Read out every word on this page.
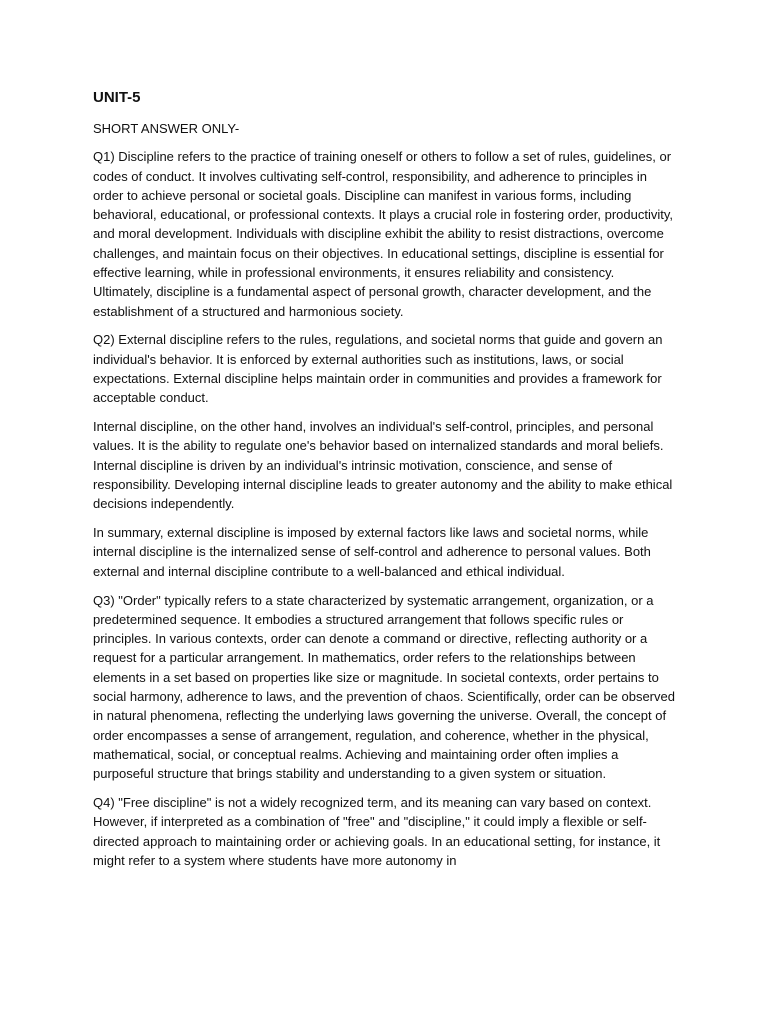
UNIT-5
SHORT ANSWER ONLY-

Q1) Discipline refers to the practice of training oneself or others to follow a set of rules, guidelines, or codes of conduct. It involves cultivating self-control, responsibility, and adherence to principles in order to achieve personal or societal goals. Discipline can manifest in various forms, including behavioral, educational, or professional contexts. It plays a crucial role in fostering order, productivity, and moral development. Individuals with discipline exhibit the ability to resist distractions, overcome challenges, and maintain focus on their objectives. In educational settings, discipline is essential for effective learning, while in professional environments, it ensures reliability and consistency. Ultimately, discipline is a fundamental aspect of personal growth, character development, and the establishment of a structured and harmonious society.

Q2) External discipline refers to the rules, regulations, and societal norms that guide and govern an individual's behavior. It is enforced by external authorities such as institutions, laws, or social expectations. External discipline helps maintain order in communities and provides a framework for acceptable conduct.

Internal discipline, on the other hand, involves an individual's self-control, principles, and personal values. It is the ability to regulate one's behavior based on internalized standards and moral beliefs. Internal discipline is driven by an individual's intrinsic motivation, conscience, and sense of responsibility. Developing internal discipline leads to greater autonomy and the ability to make ethical decisions independently.

In summary, external discipline is imposed by external factors like laws and societal norms, while internal discipline is the internalized sense of self-control and adherence to personal values. Both external and internal discipline contribute to a well-balanced and ethical individual.

Q3) "Order" typically refers to a state characterized by systematic arrangement, organization, or a predetermined sequence. It embodies a structured arrangement that follows specific rules or principles. In various contexts, order can denote a command or directive, reflecting authority or a request for a particular arrangement. In mathematics, order refers to the relationships between elements in a set based on properties like size or magnitude. In societal contexts, order pertains to social harmony, adherence to laws, and the prevention of chaos. Scientifically, order can be observed in natural phenomena, reflecting the underlying laws governing the universe. Overall, the concept of order encompasses a sense of arrangement, regulation, and coherence, whether in the physical, mathematical, social, or conceptual realms. Achieving and maintaining order often implies a purposeful structure that brings stability and understanding to a given system or situation.

Q4) "Free discipline" is not a widely recognized term, and its meaning can vary based on context. However, if interpreted as a combination of "free" and "discipline," it could imply a flexible or self-directed approach to maintaining order or achieving goals. In an educational setting, for instance, it might refer to a system where students have more autonomy in
